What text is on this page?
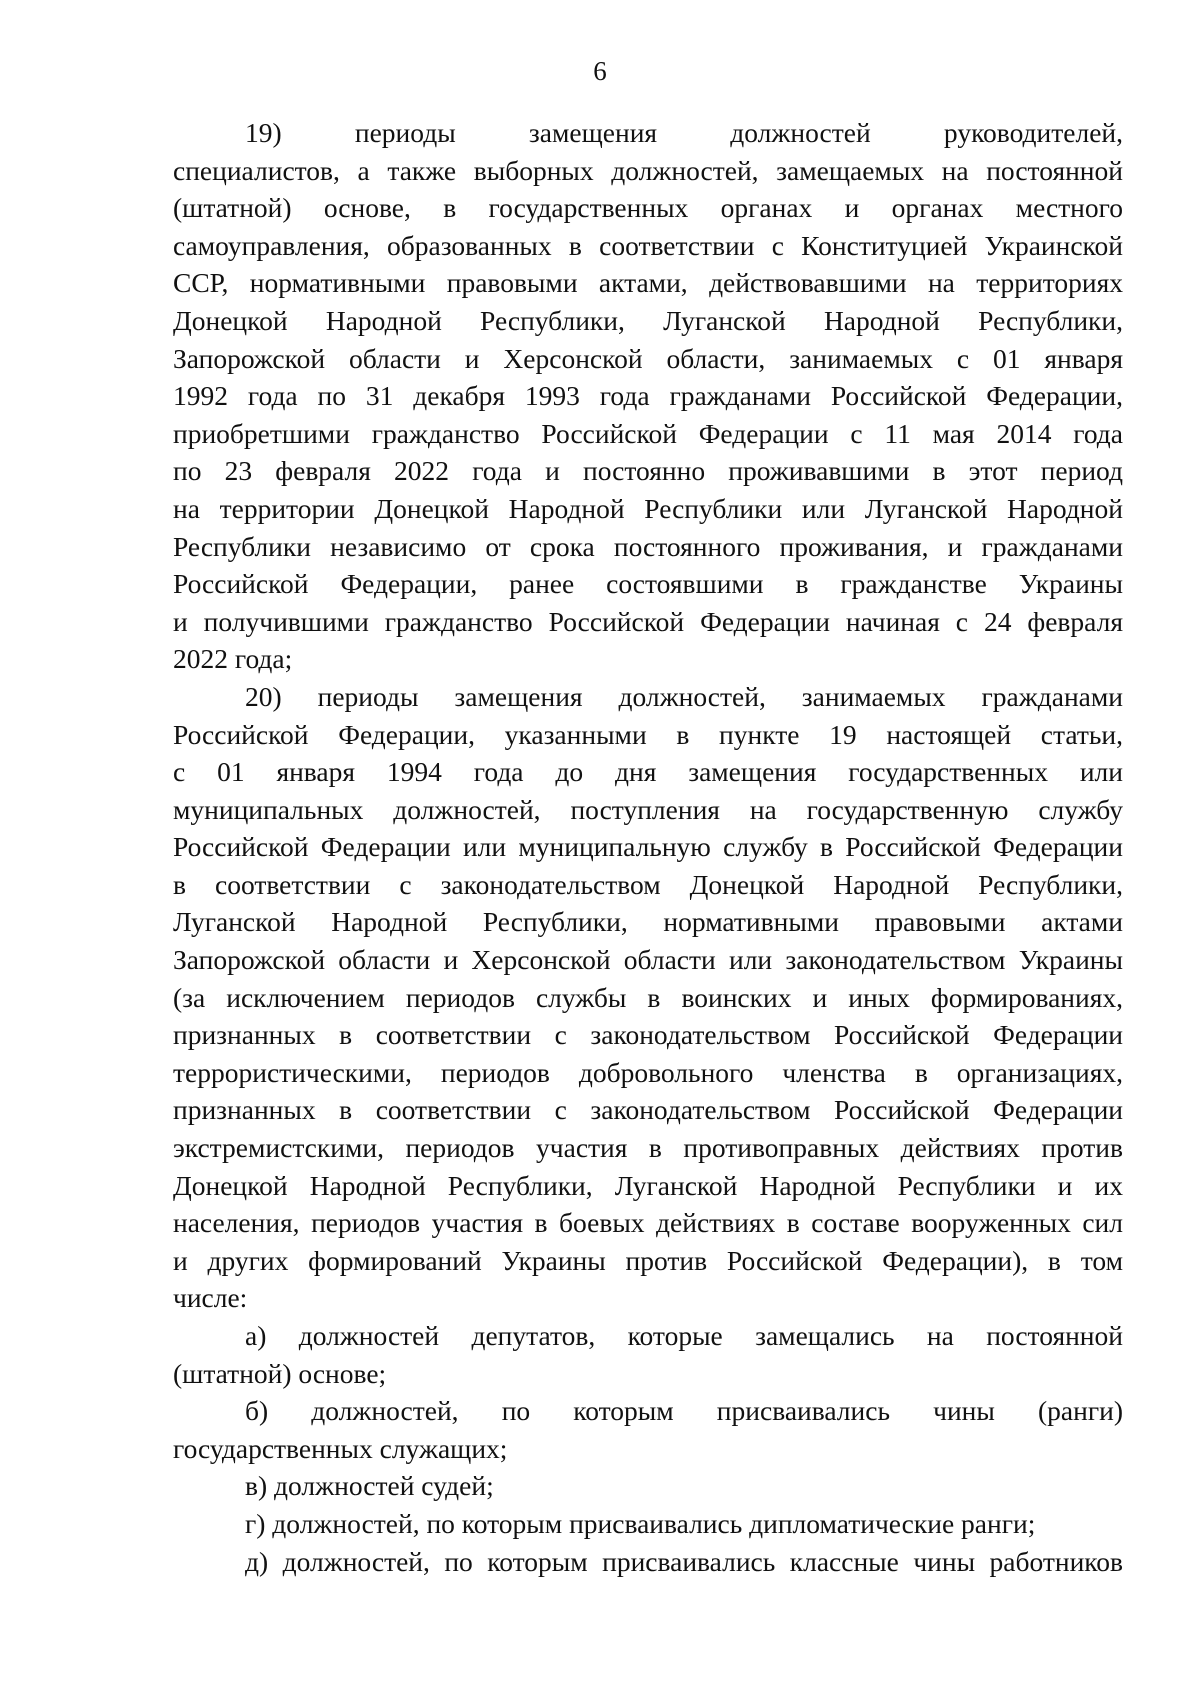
6
19) периоды замещения должностей руководителей,
специалистов, а также выборных должностей, замещаемых на постоянной
(штатной) основе, в государственных органах и органах местного
самоуправления, образованных в соответствии с Конституцией Украинской
ССР, нормативными правовыми актами, действовавшими на территориях
Донецкой Народной Республики, Луганской Народной Республики,
Запорожской области и Херсонской области, занимаемых с 01 января
1992 года по 31 декабря 1993 года гражданами Российской Федерации,
приобретшими гражданство Российской Федерации с 11 мая 2014 года
по 23 февраля 2022 года и постоянно проживавшими в этот период
на территории Донецкой Народной Республики или Луганской Народной
Республики независимо от срока постоянного проживания, и гражданами
Российской Федерации, ранее состоявшими в гражданстве Украины
и получившими гражданство Российской Федерации начиная с 24 февраля
2022 года;
20) периоды замещения должностей, занимаемых гражданами
Российской Федерации, указанными в пункте 19 настоящей статьи,
с 01 января 1994 года до дня замещения государственных или
муниципальных должностей, поступления на государственную службу
Российской Федерации или муниципальную службу в Российской Федерации
в соответствии с законодательством Донецкой Народной Республики,
Луганской Народной Республики, нормативными правовыми актами
Запорожской области и Херсонской области или законодательством Украины
(за исключением периодов службы в воинских и иных формированиях,
признанных в соответствии с законодательством Российской Федерации
террористическими, периодов добровольного членства в организациях,
признанных в соответствии с законодательством Российской Федерации
экстремистскими, периодов участия в противоправных действиях против
Донецкой Народной Республики, Луганской Народной Республики и их
населения, периодов участия в боевых действиях в составе вооруженных сил
и других формирований Украины против Российской Федерации), в том
числе:
а) должностей депутатов, которые замещались на постоянной
(штатной) основе;
б) должностей, по которым присваивались чины (ранги)
государственных служащих;
в) должностей судей;
г) должностей, по которым присваивались дипломатические ранги;
д) должностей, по которым присваивались классные чины работников
